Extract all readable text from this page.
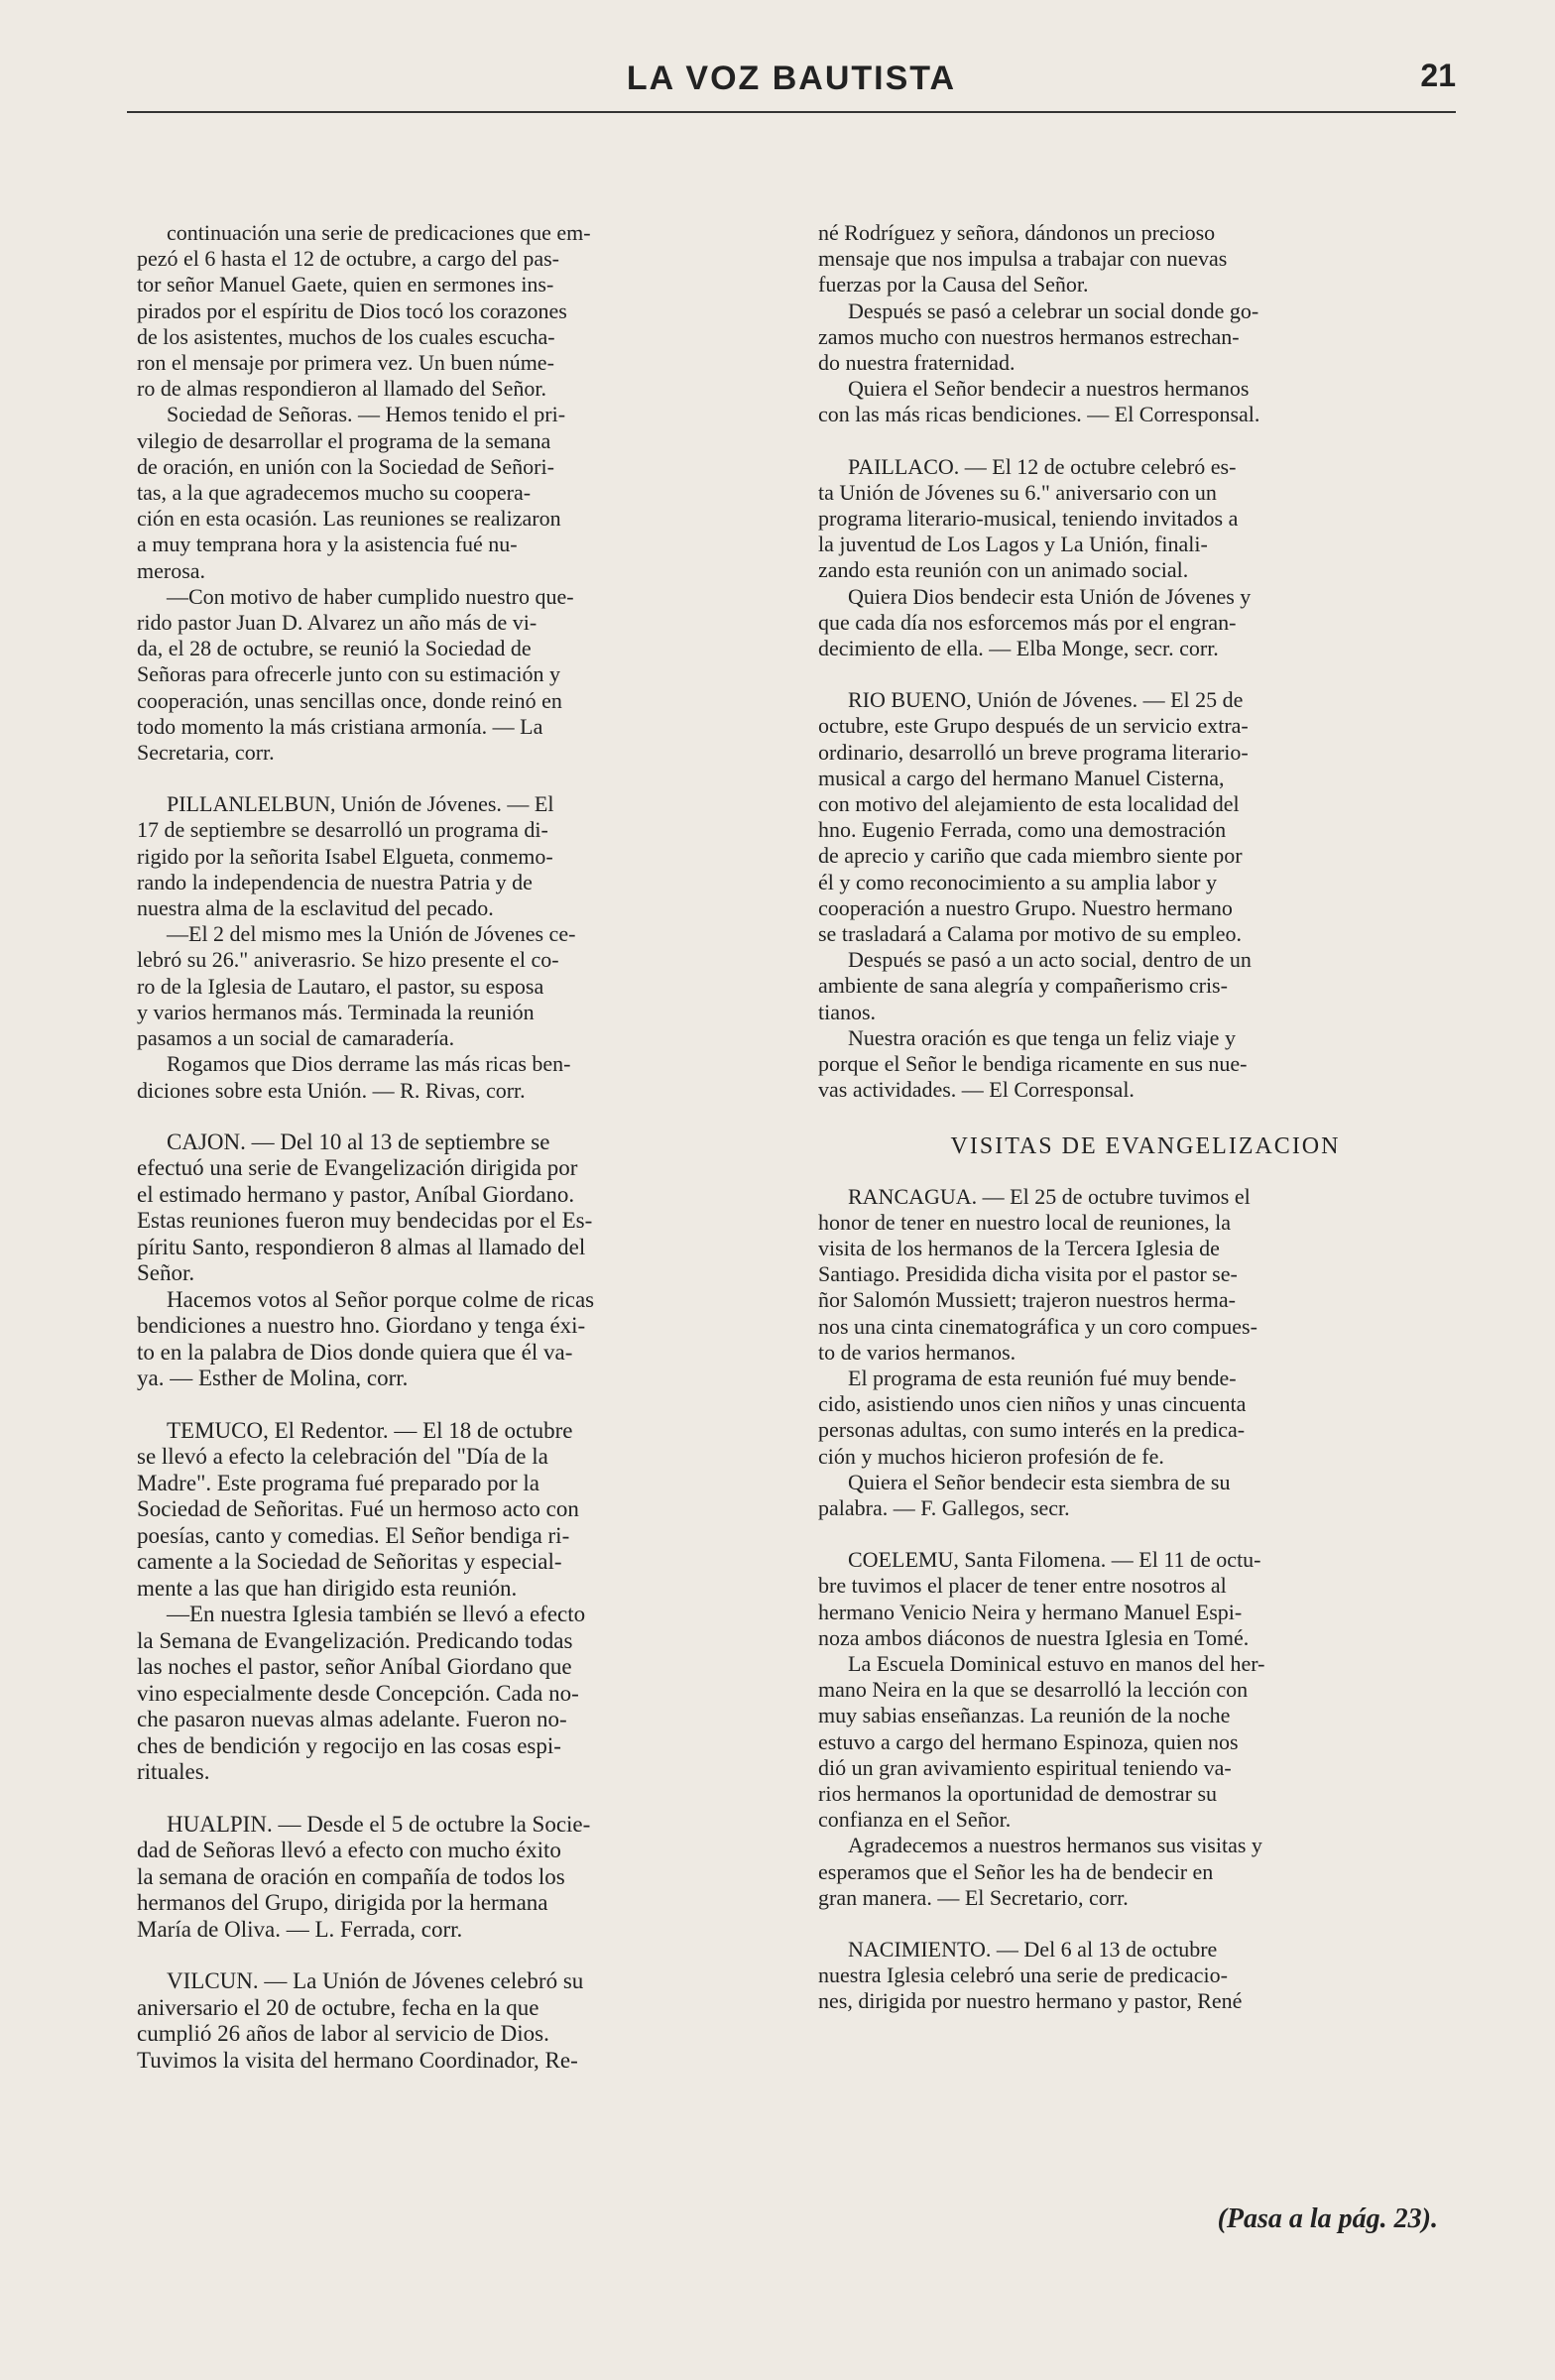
LA VOZ BAUTISTA	21

continuación una serie de predicaciones que em-
pezó el 6 hasta el 12 de octubre, a cargo del pas-
tor señor Manuel Gaete, quien en sermones ins-
pirados por el espíritu de Dios tocó los corazones
de los asistentes, muchos de los cuales escucha-
ron el mensaje por primera vez. Un buen núme-
ro de almas respondieron al llamado del Señor.

Sociedad de Señoras. — Hemos tenido el pri-
vilegio de desarrollar el programa de la semana
de oración, en unión con la Sociedad de Señori-
tas, a la que agradecemos mucho su coopera-
ción en esta ocasión. Las reuniones se realizaron
a muy temprana hora y la asistencia fué nu-
merosa.

—Con motivo de haber cumplido nuestro que-
rido pastor Juan D. Alvarez un año más de vi-
da, el 28 de octubre, se reunió la Sociedad de
Señoras para ofrecerle junto con su estimación y
cooperación, unas sencillas once, donde reinó en
todo momento la más cristiana armonía. — La
Secretaria, corr.

PILLANLELBUN, Unión de Jóvenes. — El
17 de septiembre se desarrolló un programa di-
rigido por la señorita Isabel Elgueta, conmemo-
rando la independencia de nuestra Patria y de
nuestra alma de la esclavitud del pecado.

—El 2 del mismo mes la Unión de Jóvenes ce-
lebró su 26." aniverasrio. Se hizo presente el co-
ro de la Iglesia de Lautaro, el pastor, su esposa
y varios hermanos más. Terminada la reunión
pasamos a un social de camaradería.

Rogamos que Dios derrame las más ricas ben-
diciones sobre esta Unión. — R. Rivas, corr.

CAJON. — Del 10 al 13 de septiembre se
efectuó una serie de Evangelización dirigida por
el estimado hermano y pastor, Aníbal Giordano.
Estas reuniones fueron muy bendecidas por el Es-
píritu Santo, respondieron 8 almas al llamado del
Señor.

Hacemos votos al Señor porque colme de ricas
bendiciones a nuestro hno. Giordano y tenga éxi-
to en la palabra de Dios donde quiera que él va-
ya. — Esther de Molina, corr.

TEMUCO, El Redentor. — El 18 de octubre
se llevó a efecto la celebración del "Día de la
Madre". Este programa fué preparado por la
Sociedad de Señoritas. Fué un hermoso acto con
poesías, canto y comedias. El Señor bendiga ri-
camente a la Sociedad de Señoritas y especial-
mente a las que han dirigido esta reunión.

—En nuestra Iglesia también se llevó a efecto
la Semana de Evangelización. Predicando todas
las noches el pastor, señor Aníbal Giordano que
vino especialmente desde Concepción. Cada no-
che pasaron nuevas almas adelante. Fueron no-
ches de bendición y regocijo en las cosas espi-
rituales.

HUALPIN. — Desde el 5 de octubre la Socie-
dad de Señoras llevó a efecto con mucho éxito
la semana de oración en compañía de todos los
hermanos del Grupo, dirigida por la hermana
María de Oliva. — L. Ferrada, corr.

VILCUN. — La Unión de Jóvenes celebró su
aniversario el 20 de octubre, fecha en la que
cumplió 26 años de labor al servicio de Dios.
Tuvimos la visita del hermano Coordinador, Re-

né Rodríguez y señora, dándonos un precioso
mensaje que nos impulsa a trabajar con nuevas
fuerzas por la Causa del Señor.

Después se pasó a celebrar un social donde go-
zamos mucho con nuestros hermanos estrechan-
do nuestra fraternidad.

Quiera el Señor bendecir a nuestros hermanos
con las más ricas bendiciones. — El Corresponsal.

PAILLACO. — El 12 de octubre celebró es-
ta Unión de Jóvenes su 6." aniversario con un
programa literario-musical, teniendo invitados a
la juventud de Los Lagos y La Unión, finali-
zando esta reunión con un animado social.

Quiera Dios bendecir esta Unión de Jóvenes y
que cada día nos esforcemos más por el engran-
decimiento de ella. — Elba Monge, secr. corr.

RIO BUENO, Unión de Jóvenes. — El 25 de
octubre, este Grupo después de un servicio extra-
ordinario, desarrolló un breve programa literario-
musical a cargo del hermano Manuel Cisterna,
con motivo del alejamiento de esta localidad del
hno. Eugenio Ferrada, como una demostración
de aprecio y cariño que cada miembro siente por
él y como reconocimiento a su amplia labor y
cooperación a nuestro Grupo. Nuestro hermano
se trasladará a Calama por motivo de su empleo.

Después se pasó a un acto social, dentro de un
ambiente de sana alegría y compañerismo cris-
tianos.

Nuestra oración es que tenga un feliz viaje y
porque el Señor le bendiga ricamente en sus nue-
vas actividades. — El Corresponsal.

VISITAS DE EVANGELIZACION

RANCAGUA. — El 25 de octubre tuvimos el
honor de tener en nuestro local de reuniones, la
visita de los hermanos de la Tercera Iglesia de
Santiago. Presidida dicha visita por el pastor se-
ñor Salomón Mussiett; trajeron nuestros herma-
nos una cinta cinematográfica y un coro compues-
to de varios hermanos.

El programa de esta reunión fué muy bende-
cido, asistiendo unos cien niños y unas cincuenta
personas adultas, con sumo interés en la predica-
ción y muchos hicieron profesión de fe.

Quiera el Señor bendecir esta siembra de su
palabra. — F. Gallegos, secr.

COELEMU, Santa Filomena. — El 11 de octu-
bre tuvimos el placer de tener entre nosotros al
hermano Venicio Neira y hermano Manuel Espi-
noza ambos diáconos de nuestra Iglesia en Tomé.

La Escuela Dominical estuvo en manos del her-
mano Neira en la que se desarrolló la lección con
muy sabias enseñanzas. La reunión de la noche
estuvo a cargo del hermano Espinoza, quien nos
dió un gran avivamiento espiritual teniendo va-
rios hermanos la oportunidad de demostrar su
confianza en el Señor.

Agradecemos a nuestros hermanos sus visitas y
esperamos que el Señor les ha de bendecir en
gran manera. — El Secretario, corr.

NACIMIENTO. — Del 6 al 13 de octubre
nuestra Iglesia celebró una serie de predicacio-
nes, dirigida por nuestro hermano y pastor, René

(Pasa a la pág. 23).
